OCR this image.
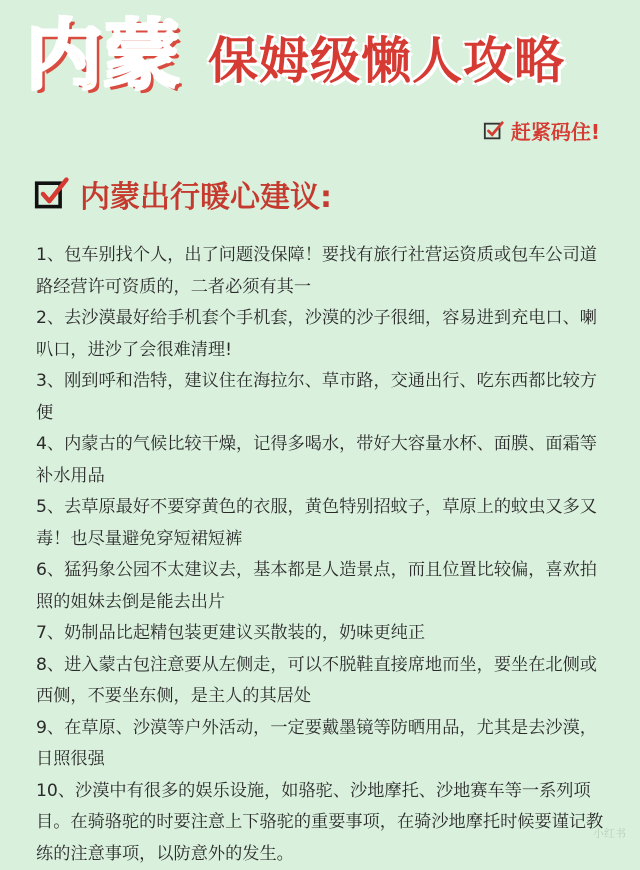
内蒙 保姆级懒人攻略
赶紧码住!
内蒙出行暖心建议:
1、包车别找个人，出了问题没保障！要找有旅行社营运资质或包车公司道路经营许可资质的，二者必须有其一
2、去沙漠最好给手机套个手机套，沙漠的沙子很细，容易进到充电口、喇叭口，进沙了会很难清理!
3、刚到呼和浩特，建议住在海拉尔、草市路，交通出行、吃东西都比较方便
4、内蒙古的气候比较干燥，记得多喝水，带好大容量水杯、面膜、面霜等补水用品
5、去草原最好不要穿黄色的衣服，黄色特别招蚊子，草原上的蚊虫又多又毒！也尽量避免穿短裙短裤
6、猛犸象公园不太建议去，基本都是人造景点，而且位置比较偏，喜欢拍照的姐妹去倒是能去出片
7、奶制品比起精包装更建议买散装的，奶味更纯正
8、进入蒙古包注意要从左侧走，可以不脱鞋直接席地而坐，要坐在北侧或西侧，不要坐东侧，是主人的其居处
9、在草原、沙漠等户外活动，一定要戴墨镜等防晒用品，尤其是去沙漠，日照很强
10、沙漠中有很多的娱乐设施，如骆驼、沙地摩托、沙地赛车等一系列项目。在骑骆驼的时要注意上下骆驼的重要事项，在骑沙地摩托时候要谨记教练的注意事项，以防意外的发生。
小红书
